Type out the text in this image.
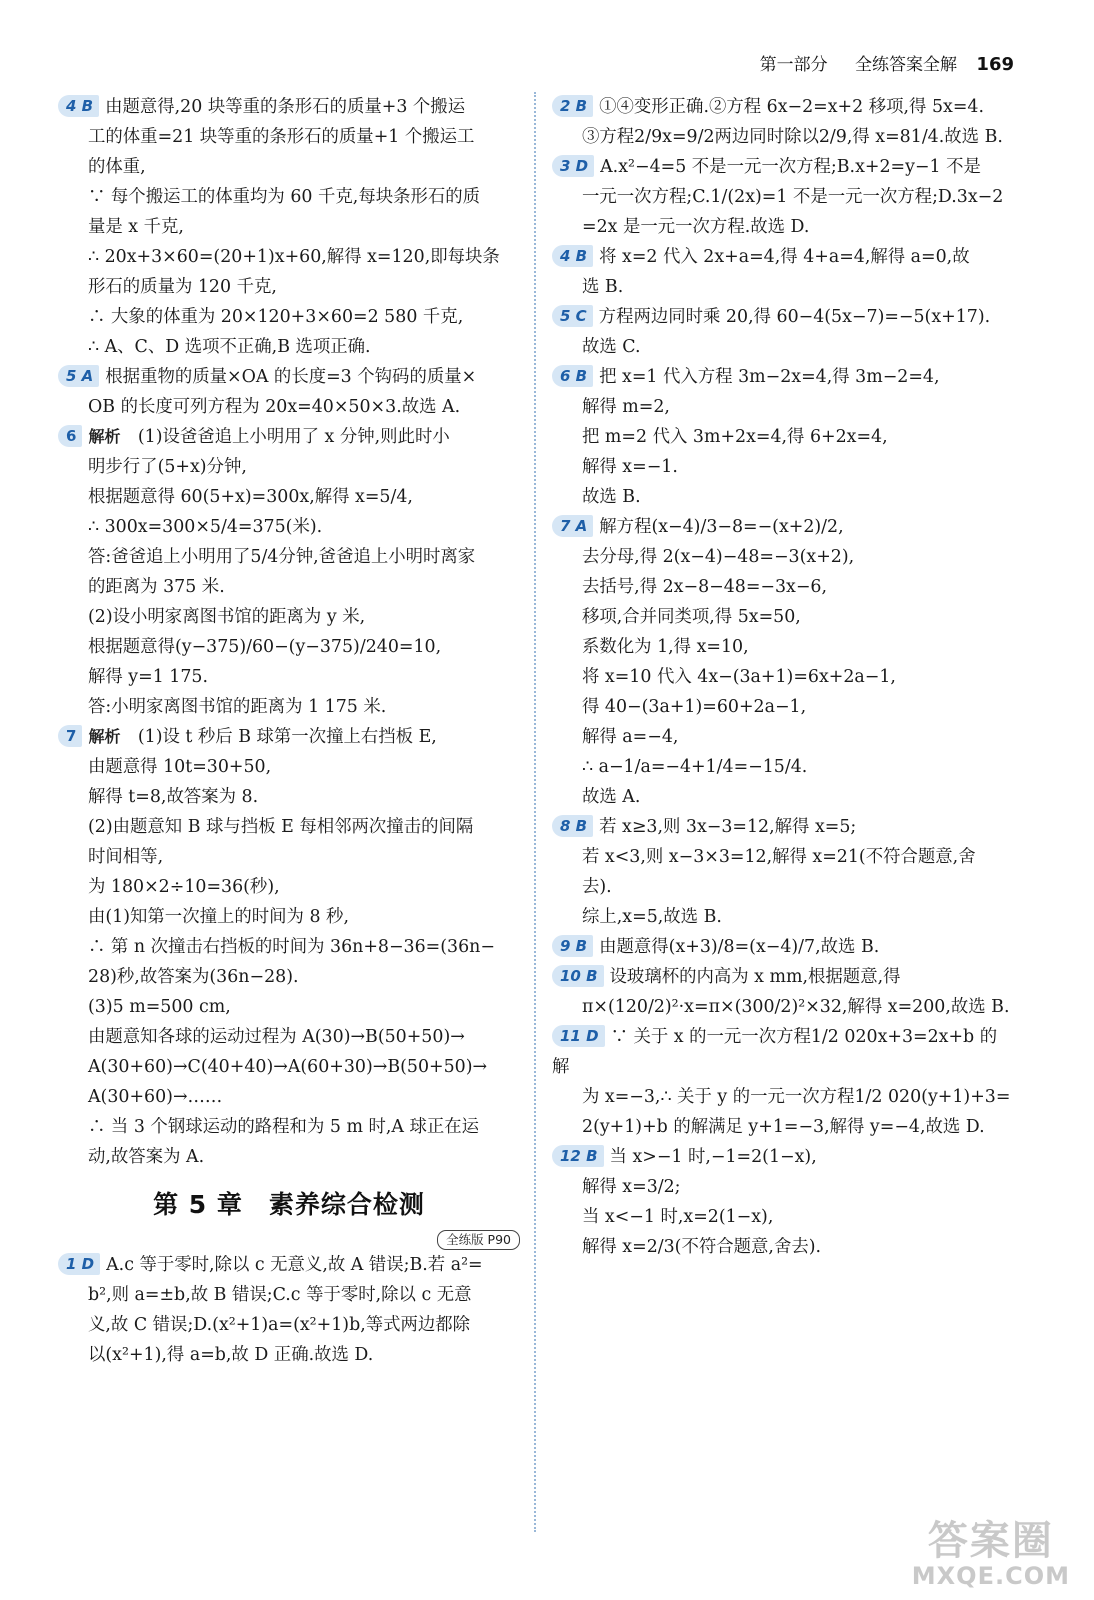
第一部分 全练答案全解 169
4 B 由题意得,20 块等重的条形石的质量+3 个搬运
工的体重=21 块等重的条形石的质量+1 个搬运工
的体重,
∵ 每个搬运工的体重均为 60 千克,每块条形石的质
量是 x 千克,
∴ 20x+3×60=(20+1)x+60,解得 x=120,即每块条
形石的质量为 120 千克,
∴ 大象的体重为 20×120+3×60=2 580 千克,
∴ A、C、D 选项不正确,B 选项正确.
5 A 根据重物的质量×OA 的长度=3 个钩码的质量×
OB 的长度可列方程为 20x=40×50×3.故选 A.
6 解析  (1)设爸爸追上小明用了 x 分钟,则此时小
明步行了(5+x)分钟,
根据题意得 60(5+x)=300x,解得 x=5/4,
∴ 300x=300×5/4=375(米).
答:爸爸追上小明用了5/4分钟,爸爸追上小明时离家
的距离为 375 米.
(2)设小明家离图书馆的距离为 y 米,
根据题意得(y−375)/60−(y−375)/240=10,
解得 y=1 175.
答:小明家离图书馆的距离为 1 175 米.
7 解析  (1)设 t 秒后 B 球第一次撞上右挡板 E,
由题意得 10t=30+50,
解得 t=8,故答案为 8.
(2)由题意知 B 球与挡板 E 每相邻两次撞击的间隔
时间相等,
为 180×2÷10=36(秒),
由(1)知第一次撞上的时间为 8 秒,
∴ 第 n 次撞击右挡板的时间为 36n+8−36=(36n−
28)秒,故答案为(36n−28).
(3)5 m=500 cm,
由题意知各球的运动过程为 A(30)→B(50+50)→
A(30+60)→C(40+40)→A(60+30)→B(50+50)→
A(30+60)→……
∴ 当 3 个钢球运动的路程和为 5 m 时,A 球正在运
动,故答案为 A.
第 5 章　素养综合检测
全练版 P90
1 D A.c 等于零时,除以 c 无意义,故 A 错误;B.若 a²=
b²,则 a=±b,故 B 错误;C.c 等于零时,除以 c 无意
义,故 C 错误;D.(x²+1)a=(x²+1)b,等式两边都除
以(x²+1),得 a=b,故 D 正确.故选 D.
2 B ①④变形正确.②方程 6x−2=x+2 移项,得 5x=4.
③方程2/9x=9/2两边同时除以2/9,得 x=81/4.故选 B.
3 D A.x²−4=5 不是一元一次方程;B.x+2=y−1 不是
一元一次方程;C.1/(2x)=1 不是一元一次方程;D.3x−2
=2x 是一元一次方程.故选 D.
4 B 将 x=2 代入 2x+a=4,得 4+a=4,解得 a=0,故
选 B.
5 C 方程两边同时乘 20,得 60−4(5x−7)=−5(x+17).
故选 C.
6 B 把 x=1 代入方程 3m−2x=4,得 3m−2=4,
解得 m=2,
把 m=2 代入 3m+2x=4,得 6+2x=4,
解得 x=−1.
故选 B.
7 A 解方程(x−4)/3−8=−(x+2)/2,
去分母,得 2(x−4)−48=−3(x+2),
去括号,得 2x−8−48=−3x−6,
移项,合并同类项,得 5x=50,
系数化为 1,得 x=10,
将 x=10 代入 4x−(3a+1)=6x+2a−1,
得 40−(3a+1)=60+2a−1,
解得 a=−4,
∴ a−1/a=−4+1/4=−15/4.
故选 A.
8 B 若 x≥3,则 3x−3=12,解得 x=5;
若 x<3,则 x−3×3=12,解得 x=21(不符合题意,舍
去).
综上,x=5,故选 B.
9 B 由题意得(x+3)/8=(x−4)/7,故选 B.
10 B 设玻璃杯的内高为 x mm,根据题意,得
π×(120/2)²·x=π×(300/2)²×32,解得 x=200,故选 B.
11 D ∵ 关于 x 的一元一次方程1/2 020x+3=2x+b 的解
为 x=−3,∴ 关于 y 的一元一次方程1/2 020(y+1)+3=
2(y+1)+b 的解满足 y+1=−3,解得 y=−4,故选 D.
12 B 当 x>−1 时,−1=2(1−x),
解得 x=3/2;
当 x<−1 时,x=2(1−x),
解得 x=2/3(不符合题意,舍去).
答案圈
MXQE.COM
